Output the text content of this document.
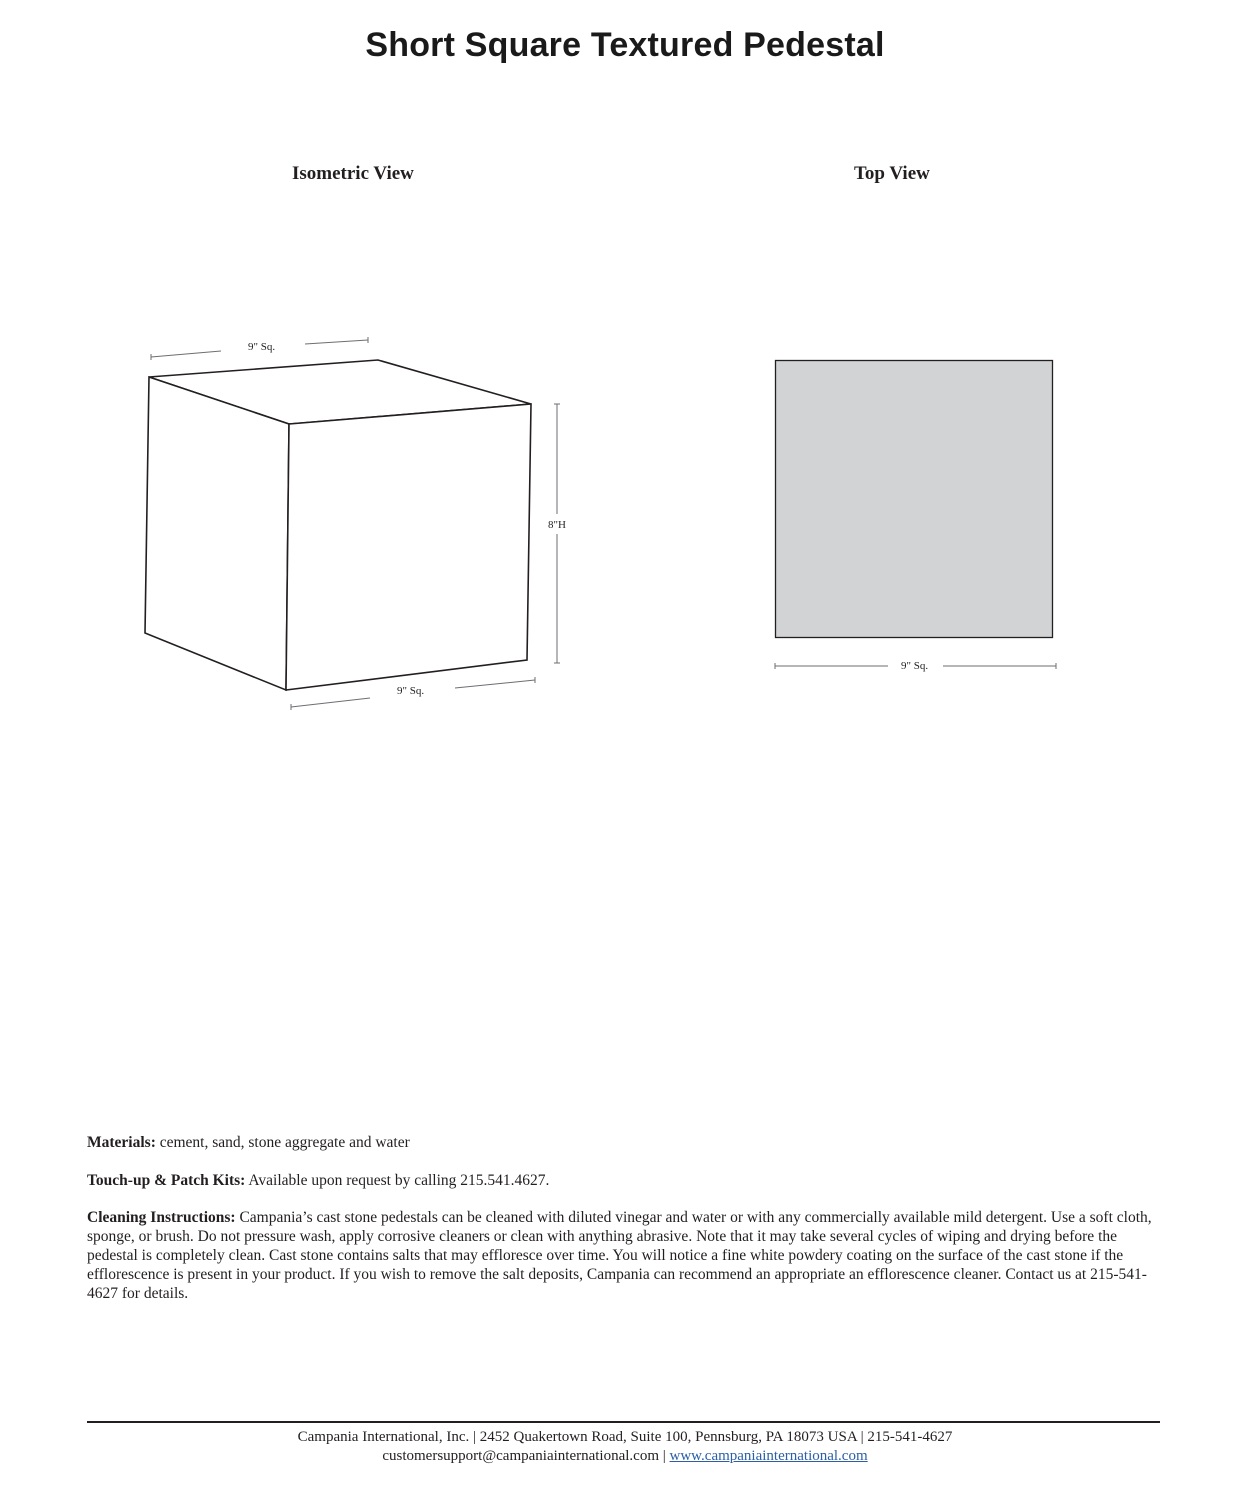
Short Square Textured Pedestal
Isometric View	Top View
9" Sq.
8"H
9" Sq.
9" Sq.

Materials: cement, sand, stone aggregate and water

Touch-up & Patch Kits: Available upon request by calling 215.541.4627.

Cleaning Instructions: Campania’s cast stone pedestals can be cleaned with diluted vinegar and water or with any commercially available mild detergent. Use a soft cloth, sponge, or brush. Do not pressure wash, apply corrosive cleaners or clean with anything abrasive. Note that it may take several cycles of wiping and drying before the pedestal is completely clean. Cast stone contains salts that may effloresce over time. You will notice a fine white powdery coating on the surface of the cast stone if the efflorescence is present in your product. If you wish to remove the salt deposits, Campania can recommend an appropriate an efflorescence cleaner. Contact us at 215-541-4627 for details.

Campania International, Inc. | 2452 Quakertown Road, Suite 100, Pennsburg, PA 18073 USA | 215-541-4627
customersupport@campaniainternational.com | www.campaniainternational.com
